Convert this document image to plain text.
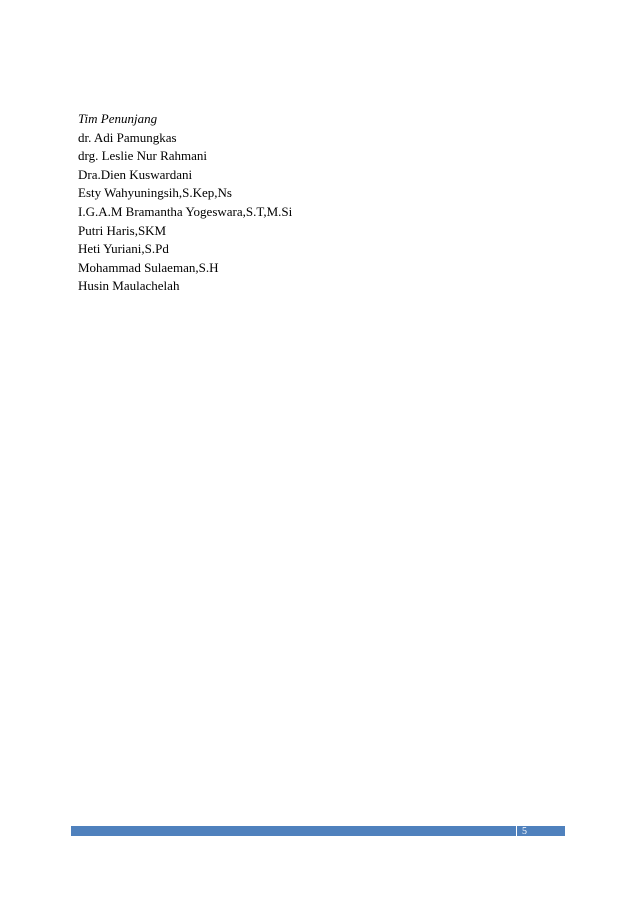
Tim Penunjang

dr. Adi Pamungkas
drg. Leslie Nur Rahmani
Dra.Dien Kuswardani
Esty Wahyuningsih,S.Kep,Ns
I.G.A.M Bramantha Yogeswara,S.T,M.Si
Putri Haris,SKM
Heti Yuriani,S.Pd
Mohammad Sulaeman,S.H
Husin Maulachelah
5
